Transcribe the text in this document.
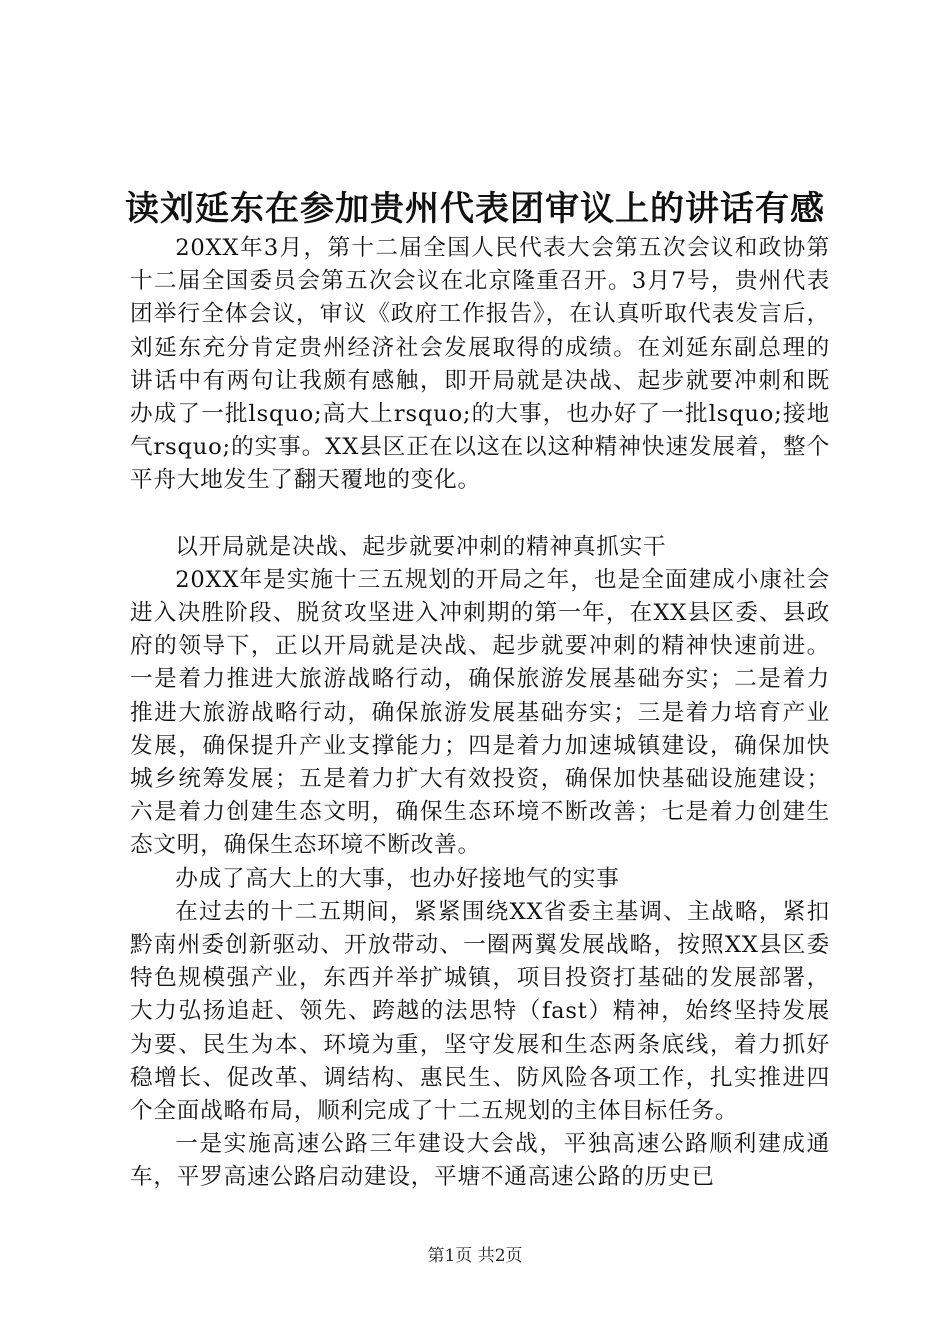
读刘延东在参加贵州代表团审议上的讲话有感

20XX年3月，第十二届全国人民代表大会第五次会议和政协第十二届全国委员会第五次会议在北京隆重召开。3月7号，贵州代表团举行全体会议，审议《政府工作报告》，在认真听取代表发言后，刘延东充分肯定贵州经济社会发展取得的成绩。在刘延东副总理的讲话中有两句让我颇有感触，即开局就是决战、起步就要冲刺和既办成了一批lsquo;高大上rsquo;的大事，也办好了一批lsquo;接地气rsquo;的实事。XX县区正在以这在以这种精神快速发展着，整个平舟大地发生了翻天覆地的变化。

以开局就是决战、起步就要冲刺的精神真抓实干

20XX年是实施十三五规划的开局之年，也是全面建成小康社会进入决胜阶段、脱贫攻坚进入冲刺期的第一年，在XX县区委、县政府的领导下，正以开局就是决战、起步就要冲刺的精神快速前进。一是着力推进大旅游战略行动，确保旅游发展基础夯实；二是着力推进大旅游战略行动，确保旅游发展基础夯实；三是着力培育产业发展，确保提升产业支撑能力；四是着力加速城镇建设，确保加快城乡统筹发展；五是着力扩大有效投资，确保加快基础设施建设；六是着力创建生态文明，确保生态环境不断改善；七是着力创建生态文明，确保生态环境不断改善。

办成了高大上的大事，也办好接地气的实事

在过去的十二五期间，紧紧围绕XX省委主基调、主战略，紧扣黔南州委创新驱动、开放带动、一圈两翼发展战略，按照XX县区委特色规模强产业，东西并举扩城镇，项目投资打基础的发展部署，大力弘扬追赶、领先、跨越的法思特（fast）精神，始终坚持发展为要、民生为本、环境为重，坚守发展和生态两条底线，着力抓好稳增长、促改革、调结构、惠民生、防风险各项工作，扎实推进四个全面战略布局，顺利完成了十二五规划的主体目标任务。

一是实施高速公路三年建设大会战，平独高速公路顺利建成通车，平罗高速公路启动建设，平塘不通高速公路的历史已

第1页 共2页
